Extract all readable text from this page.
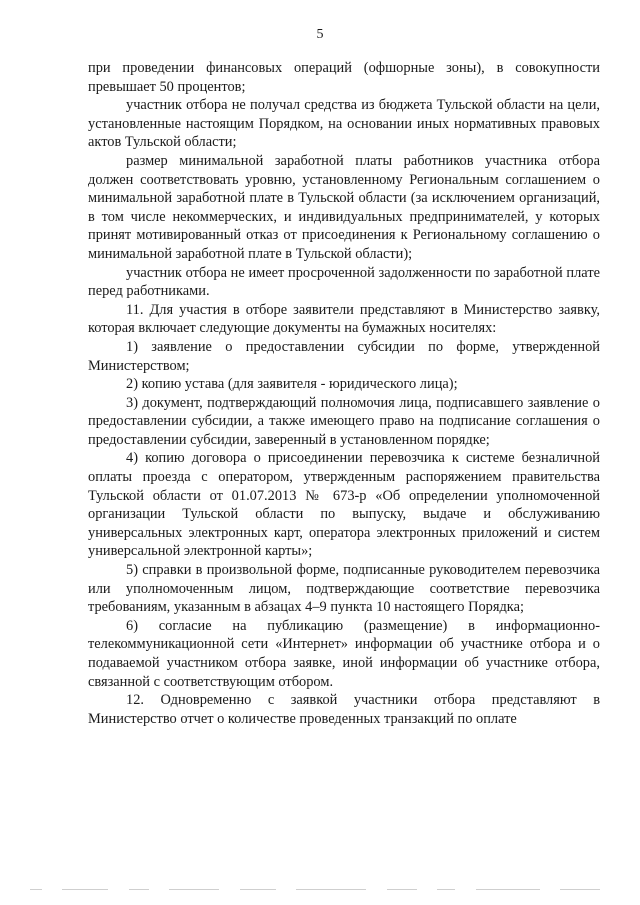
5

при проведении финансовых операций (офшорные зоны), в совокупности превышает 50 процентов;

участник отбора не получал средства из бюджета Тульской области на цели, установленные настоящим Порядком, на основании иных нормативных правовых актов Тульской области;

размер минимальной заработной платы работников участника отбора должен соответствовать уровню, установленному Региональным соглашением о минимальной заработной плате в Тульской области (за исключением организаций, в том числе некоммерческих, и индивидуальных предпринимателей, у которых принят мотивированный отказ от присоединения к Региональному соглашению о минимальной заработной плате в Тульской области);

участник отбора не имеет просроченной задолженности по заработной плате перед работниками.

11. Для участия в отборе заявители представляют в Министерство заявку, которая включает следующие документы на бумажных носителях:

1) заявление о предоставлении субсидии по форме, утвержденной Министерством;

2) копию устава (для заявителя - юридического лица);

3) документ, подтверждающий полномочия лица, подписавшего заявление о предоставлении субсидии, а также имеющего право на подписание соглашения о предоставлении субсидии, заверенный в установленном порядке;

4) копию договора о присоединении перевозчика к системе безналичной оплаты проезда с оператором, утвержденным распоряжением правительства Тульской области от 01.07.2013 № 673-р «Об определении уполномоченной организации Тульской области по выпуску, выдаче и обслуживанию универсальных электронных карт, оператора электронных приложений и систем универсальной электронной карты»;

5) справки в произвольной форме, подписанные руководителем перевозчика или уполномоченным лицом, подтверждающие соответствие перевозчика требованиям, указанным в абзацах 4–9 пункта 10 настоящего Порядка;

6) согласие на публикацию (размещение) в информационно-телекоммуникационной сети «Интернет» информации об участнике отбора и о подаваемой участником отбора заявке, иной информации об участнике отбора, связанной с соответствующим отбором.

12. Одновременно с заявкой участники отбора представляют в Министерство отчет о количестве проведенных транзакций по оплате
